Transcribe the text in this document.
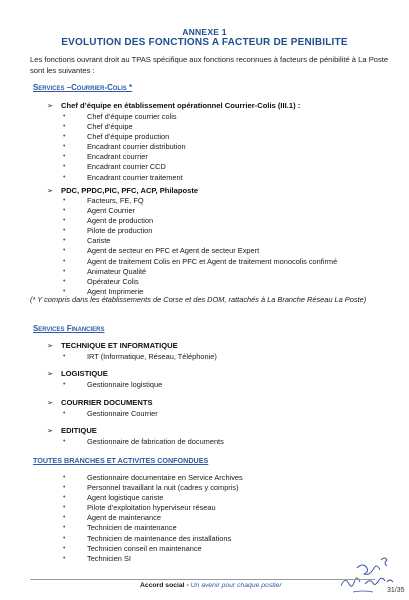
ANNEXE 1
EVOLUTION DES FONCTIONS A FACTEUR DE PENIBILITE

Les fonctions ouvrant droit au TPAS spécifique aux fonctions reconnues à facteurs de pénibilité à La Poste sont les suivantes :

Services –Courrier-Colis *
➢ Chef d’équipe en établissement opérationnel Courrier-Colis (III.1) :
•	Chef d’équipe courrier colis
•	Chef d’équipe
•	Chef d’équipe production
•	Encadrant courrier distribution
•	Encadrant courrier
•	Encadrant courrier CCD
•	Encadrant courrier traitement
➢ PDC, PPDC,PIC, PFC, ACP, Philaposte
•	Facteurs, FE, FQ
•	Agent Courrier
•	Agent de production
•	Pilote de production
•	Cariste
•	Agent de secteur en PFC et Agent de secteur Expert
•	Agent de traitement Colis en PFC et Agent de traitement monocolis confirmé
•	Animateur Qualité
•	Opérateur Colis
•	Agent Imprimerie

(* Y compris dans les établissements de Corse et des DOM, rattachés à La Branche Réseau La Poste)

Services Financiers
➢ TECHNIQUE ET INFORMATIQUE
•	IRT (Informatique, Réseau, Téléphonie)
➢ LOGISTIQUE
•	Gestionnaire logistique
➢ COURRIER DOCUMENTS
•	Gestionnaire Courrier
➢ EDITIQUE
•	Gestionnaire de fabrication de documents
TOUTES BRANCHES ET ACTIVITES CONFONDUES
•	Gestionnaire documentaire en Service Archives
•	Personnel travaillant la nuit (cadres y compris)
•	Agent logistique cariste
•	Pilote d’exploitation hyperviseur réseau
•	Agent de maintenance
•	Technicien de maintenance
•	Technicien de maintenance des installations
•	Technicien conseil en maintenance
•	Technicien SI
Accord social - Un avenir pour chaque postier
31/35
